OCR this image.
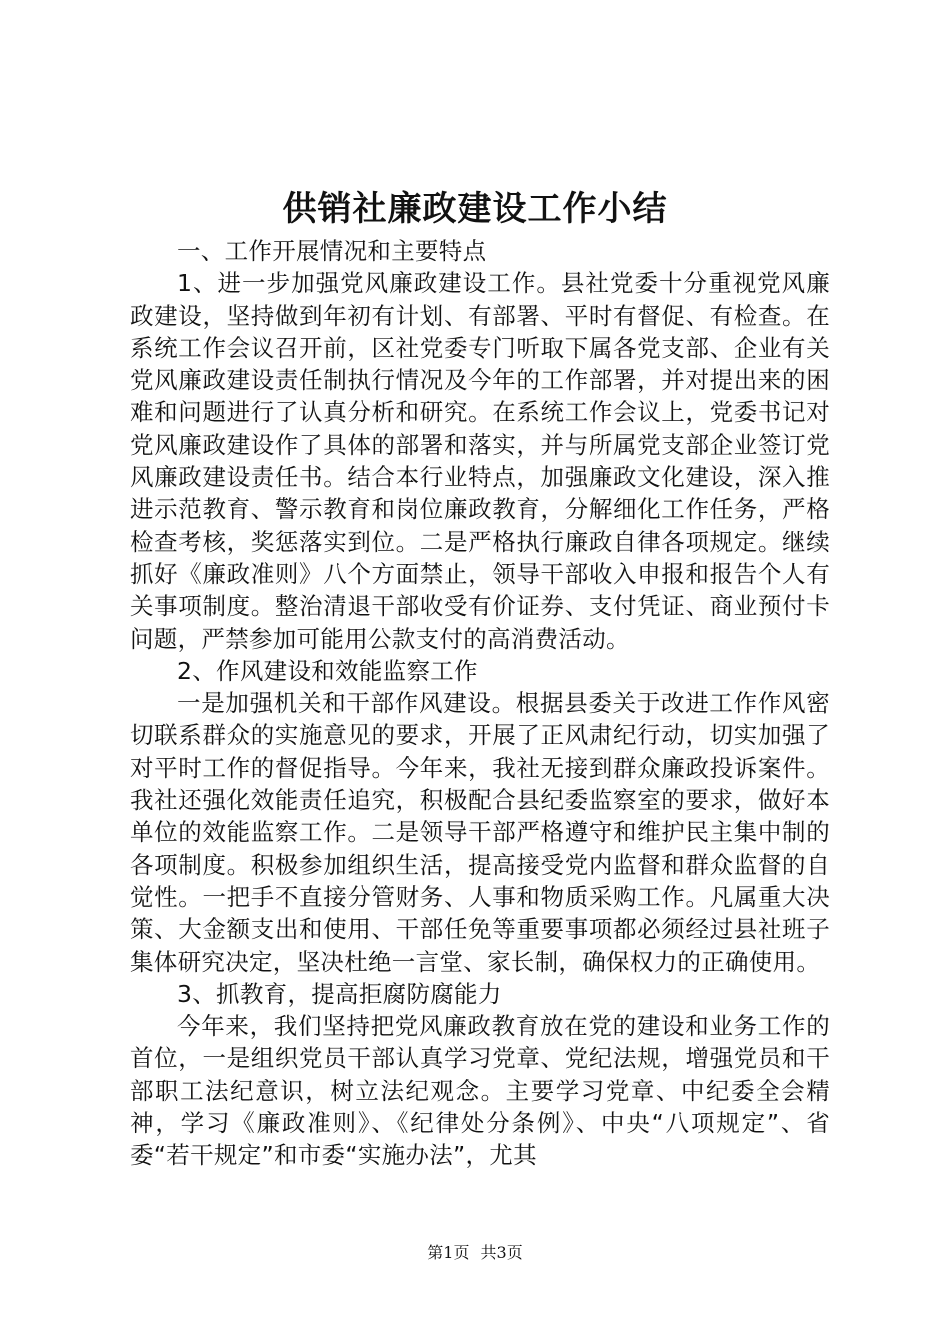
供销社廉政建设工作小结

一、工作开展情况和主要特点

1、进一步加强党风廉政建设工作。县社党委十分重视党风廉政建设，坚持做到年初有计划、有部署、平时有督促、有检查。在系统工作会议召开前，区社党委专门听取下属各党支部、企业有关党风廉政建设责任制执行情况及今年的工作部署，并对提出来的困难和问题进行了认真分析和研究。在系统工作会议上，党委书记对党风廉政建设作了具体的部署和落实，并与所属党支部企业签订党风廉政建设责任书。结合本行业特点，加强廉政文化建设，深入推进示范教育、警示教育和岗位廉政教育，分解细化工作任务，严格检查考核，奖惩落实到位。二是严格执行廉政自律各项规定。继续抓好《廉政准则》八个方面禁止，领导干部收入申报和报告个人有关事项制度。整治清退干部收受有价证券、支付凭证、商业预付卡问题，严禁参加可能用公款支付的高消费活动。

2、作风建设和效能监察工作

一是加强机关和干部作风建设。根据县委关于改进工作作风密切联系群众的实施意见的要求，开展了正风肃纪行动，切实加强了对平时工作的督促指导。今年来，我社无接到群众廉政投诉案件。我社还强化效能责任追究，积极配合县纪委监察室的要求，做好本单位的效能监察工作。二是领导干部严格遵守和维护民主集中制的各项制度。积极参加组织生活，提高接受党内监督和群众监督的自觉性。一把手不直接分管财务、人事和物质采购工作。凡属重大决策、大金额支出和使用、干部任免等重要事项都必须经过县社班子集体研究决定，坚决杜绝一言堂、家长制，确保权力的正确使用。

3、抓教育，提高拒腐防腐能力

今年来，我们坚持把党风廉政教育放在党的建设和业务工作的首位，一是组织党员干部认真学习党章、党纪法规，增强党员和干部职工法纪意识，树立法纪观念。主要学习党章、中纪委全会精神，学习《廉政准则》、《纪律处分条例》、中央“八项规定”、省委“若干规定”和市委“实施办法”，尤其

第1页 共3页
